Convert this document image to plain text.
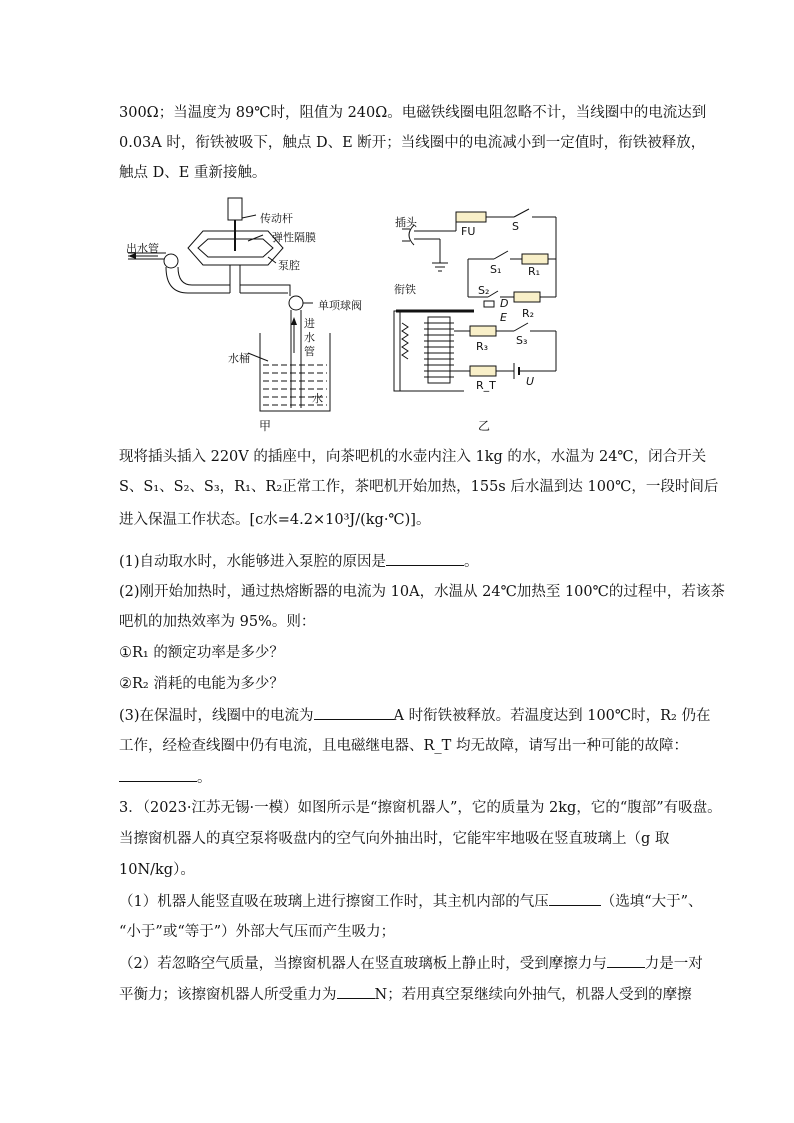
300Ω；当温度为 89℃时，阻值为 240Ω。电磁铁线圈电阻忽略不计，当线圈中的电流达到
0.03A 时，衔铁被吸下，触点 D、E 断开；当线圈中的电流减小到一定值时，衔铁被释放，
触点 D、E 重新接触。
传动杆
弹性隔膜
出水管
泵腔
单项球阀
进
水
管
水桶
水
甲
插头
FU	S
S₁ R₁
衔铁	S₂
D
E R₂
R₃	S₃
R_T	U
乙
现将插头插入 220V 的插座中，向茶吧机的水壶内注入 1kg 的水，水温为 24℃，闭合开关
S、S₁、S₂、S₃，R₁、R₂正常工作，茶吧机开始加热，155s 后水温到达 100℃，一段时间后
进入保温工作状态。[c水=4.2×10³J/(kg·℃)]。
(1)自动取水时，水能够进入泵腔的原因是	。
(2)刚开始加热时，通过热熔断器的电流为 10A，水温从 24℃加热至 100℃的过程中，若该茶
吧机的加热效率为 95%。则：
①R₁ 的额定功率是多少？
②R₂ 消耗的电能为多少？
(3)在保温时，线圈中的电流为	A 时衔铁被释放。若温度达到 100℃时，R₂ 仍在
工作，经检查线圈中仍有电流，且电磁继电器、R_T 均无故障，请写出一种可能的故障：
。
3．（2023·江苏无锡·一模）如图所示是“擦窗机器人”，它的质量为 2kg，它的“腹部”有吸盘。
当擦窗机器人的真空泵将吸盘内的空气向外抽出时，它能牢牢地吸在竖直玻璃上（g 取
10N/kg）。
（1）机器人能竖直吸在玻璃上进行擦窗工作时，其主机内部的气压	（选填“大于”、
“小于”或“等于”）外部大气压而产生吸力；
（2）若忽略空气质量，当擦窗机器人在竖直玻璃板上静止时，受到摩擦力与	力是一对
平衡力；该擦窗机器人所受重力为	N；若用真空泵继续向外抽气，机器人受到的摩擦
